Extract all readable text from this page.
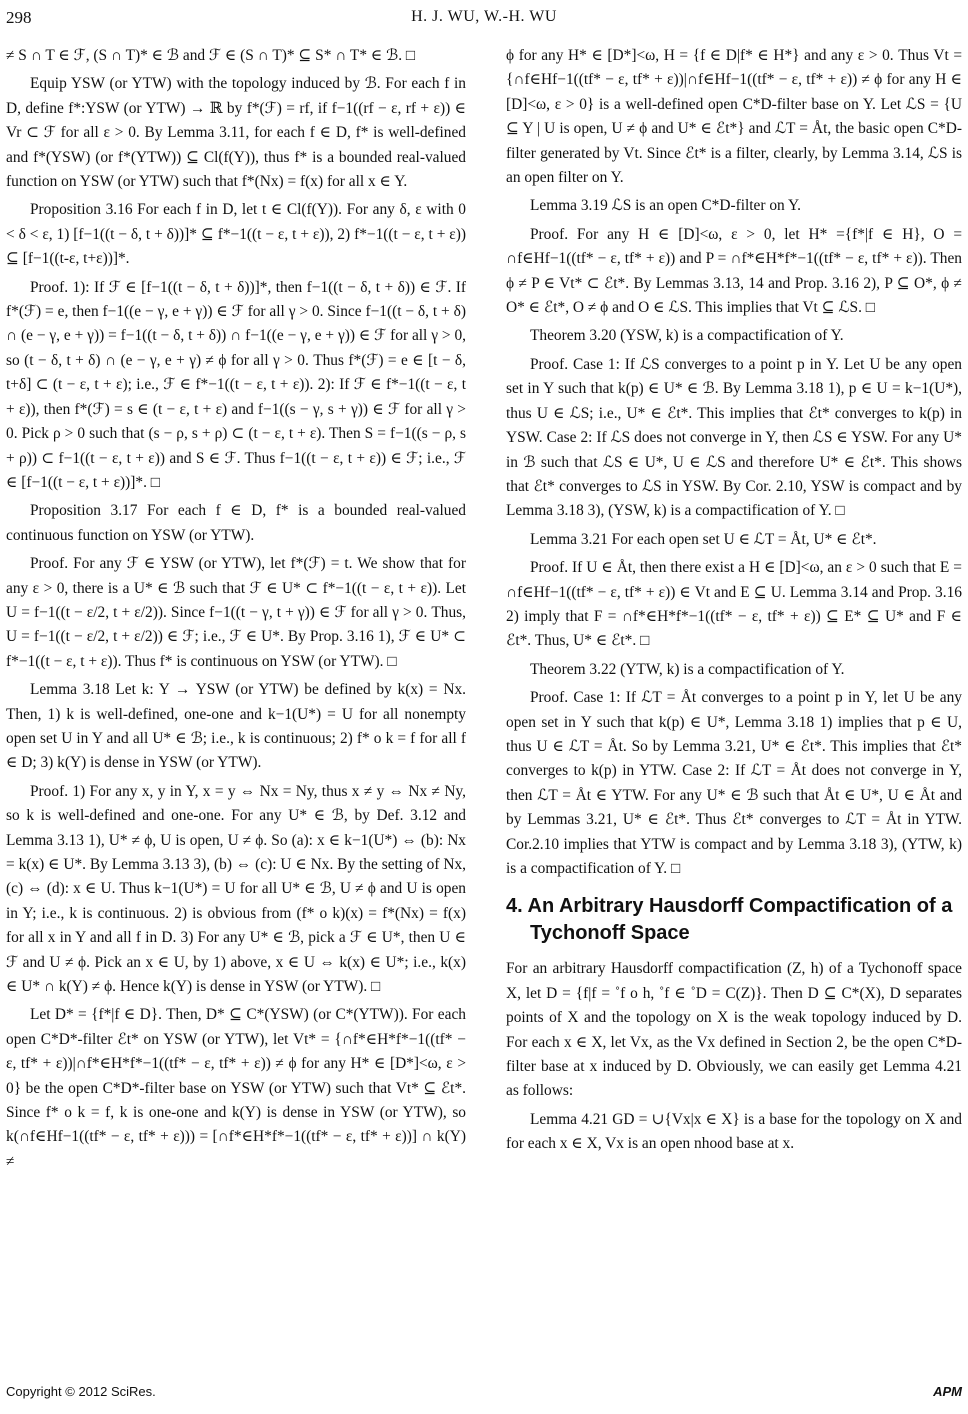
298	H. J. WU, W.-H. WU

≠ S ∩ T ∈ ℱ, (S ∩ T)* ∈ ℬ and ℱ ∈ (S ∩ T)* ⊆ S* ∩ T* ∈ ℬ. □

Equip YSW (or YTW) with the topology induced by ℬ. For each f in D, define f*:YSW (or YTW) → ℝ by f*(ℱ) = rf, if f−1((rf − ε, rf + ε)) ∈ Vr ⊂ ℱ for all ε > 0. By Lemma 3.11, for each f ∈ D, f* is well-defined and f*(YSW) (or f*(YTW)) ⊆ Cl(f(Y)), thus f* is a bounded real-valued function on YSW (or YTW) such that f*(Nx) = f(x) for all x ∈ Y.

Proposition 3.16 For each f in D, let t ∈ Cl(f(Y)). For any δ, ε with 0 < δ < ε, 1) [f−1((t − δ, t + δ))]* ⊆ f*−1((t − ε, t + ε)), 2) f*−1((t − ε, t + ε)) ⊆ [f−1((t-ε, t+ε))]*.

Proof. 1): If ℱ ∈ [f−1((t − δ, t + δ))]*, then f−1((t − δ, t + δ)) ∈ ℱ. If f*(ℱ) = e, then f−1((e − γ, e + γ)) ∈ ℱ for all γ > 0. Since f−1((t − δ, t + δ) ∩ (e − γ, e + γ)) = f−1((t − δ, t + δ)) ∩ f−1((e − γ, e + γ)) ∈ ℱ for all γ > 0, so (t − δ, t + δ) ∩ (e − γ, e + γ) ≠ ϕ for all γ > 0. Thus f*(ℱ) = e ∈ [t − δ, t+δ] ⊂ (t − ε, t + ε); i.e., ℱ ∈ f*−1((t − ε, t + ε)). 2): If ℱ ∈ f*−1((t − ε, t + ε)), then f*(ℱ) = s ∈ (t − ε, t + ε) and f−1((s − γ, s + γ)) ∈ ℱ for all γ > 0. Pick ρ > 0 such that (s − ρ, s + ρ) ⊂ (t − ε, t + ε). Then S = f−1((s − ρ, s + ρ)) ⊂ f−1((t − ε, t + ε)) and S ∈ ℱ. Thus f−1((t − ε, t + ε)) ∈ ℱ; i.e., ℱ ∈ [f−1((t − ε, t + ε))]*. □

Proposition 3.17 For each f ∈ D, f* is a bounded real-valued continuous function on YSW (or YTW).

Proof. For any ℱ ∈ YSW (or YTW), let f*(ℱ) = t. We show that for any ε > 0, there is a U* ∈ ℬ such that ℱ ∈ U* ⊂ f*−1((t − ε, t + ε)). Let U = f−1((t − ε/2, t + ε/2)). Since f−1((t − γ, t + γ)) ∈ ℱ for all γ > 0. Thus, U = f−1((t − ε/2, t + ε/2)) ∈ ℱ; i.e., ℱ ∈ U*. By Prop. 3.16 1), ℱ ∈ U* ⊂ f*−1((t − ε, t + ε)). Thus f* is continuous on YSW (or YTW). □

Lemma 3.18 Let k: Y → YSW (or YTW) be defined by k(x) = Nx. Then, 1) k is well-defined, one-one and k−1(U*) = U for all nonempty open set U in Y and all U* ∈ ℬ; i.e., k is continuous; 2) f* o k = f for all f ∈ D; 3) k(Y) is dense in YSW (or YTW).

Proof. 1) For any x, y in Y, x = y ⇔ Nx = Ny, thus x ≠ y ⇔ Nx ≠ Ny, so k is well-defined and one-one. For any U* ∈ ℬ, by Def. 3.12 and Lemma 3.13 1), U* ≠ ϕ, U is open, U ≠ ϕ. So (a): x ∈ k−1(U*) ⇔ (b): Nx = k(x) ∈ U*. By Lemma 3.13 3), (b) ⇔ (c): U ∈ Nx. By the setting of Nx, (c) ⇔ (d): x ∈ U. Thus k−1(U*) = U for all U* ∈ ℬ, U ≠ ϕ and U is open in Y; i.e., k is continuous. 2) is obvious from (f* o k)(x) = f*(Nx) = f(x) for all x in Y and all f in D. 3) For any U* ∈ ℬ, pick a ℱ ∈ U*, then U ∈ ℱ and U ≠ ϕ. Pick an x ∈ U, by 1) above, x ∈ U ⇔ k(x) ∈ U*; i.e., k(x) ∈ U* ∩ k(Y) ≠ ϕ. Hence k(Y) is dense in YSW (or YTW). □

Let D* = {f*|f ∈ D}. Then, D* ⊆ C*(YSW) (or C*(YTW)). For each open C*D*-filter ℰt* on YSW (or YTW), let Vt* = {∩f*∈H*f*−1((tf* − ε, tf* + ε))|∩f*∈H*f*−1((tf* − ε, tf* + ε)) ≠ ϕ for any H* ∈ [D*]<ω, ε > 0} be the open C*D*-filter base on YSW (or YTW) such that Vt* ⊆ ℰt*. Since f* o k = f, k is one-one and k(Y) is dense in YSW (or YTW), so k(∩f∈Hf−1((tf* − ε, tf* + ε))) = [∩f*∈H*f*−1((tf* − ε, tf* + ε))] ∩ k(Y) ≠

ϕ for any H* ∈ [D*]<ω, H = {f ∈ D|f* ∈ H*} and any ε > 0. Thus Vt = {∩f∈Hf−1((tf* − ε, tf* + ε))|∩f∈Hf−1((tf* − ε, tf* + ε)) ≠ ϕ for any H ∈ [D]<ω, ε > 0} is a well-defined open C*D-filter base on Y. Let ℒS = {U ⊆ Y | U is open, U ≠ ϕ and U* ∈ ℰt*} and ℒT = Åt, the basic open C*D-filter generated by Vt. Since ℰt* is a filter, clearly, by Lemma 3.14, ℒS is an open filter on Y.

Lemma 3.19 ℒS is an open C*D-filter on Y.

Proof. For any H ∈ [D]<ω, ε > 0, let H* ={f*|f ∈ H}, O = ∩f∈Hf−1((tf* − ε, tf* + ε)) and P = ∩f*∈H*f*−1((tf* − ε, tf* + ε)). Then ϕ ≠ P ∈ Vt* ⊂ ℰt*. By Lemmas 3.13, 14 and Prop. 3.16 2), P ⊆ O*, ϕ ≠ O* ∈ ℰt*, O ≠ ϕ and O ∈ ℒS. This implies that Vt ⊆ ℒS. □

Theorem 3.20 (YSW, k) is a compactification of Y.

Proof. Case 1: If ℒS converges to a point p in Y. Let U be any open set in Y such that k(p) ∈ U* ∈ ℬ. By Lemma 3.18 1), p ∈ U = k−1(U*), thus U ∈ ℒS; i.e., U* ∈ ℰt*. This implies that ℰt* converges to k(p) in YSW. Case 2: If ℒS does not converge in Y, then ℒS ∈ YSW. For any U* in ℬ such that ℒS ∈ U*, U ∈ ℒS and therefore U* ∈ ℰt*. This shows that ℰt* converges to ℒS in YSW. By Cor. 2.10, YSW is compact and by Lemma 3.18 3), (YSW, k) is a compactification of Y. □

Lemma 3.21 For each open set U ∈ ℒT = Åt, U* ∈ ℰt*.

Proof. If U ∈ Åt, then there exist a H ∈ [D]<ω, an ε > 0 such that E = ∩f∈Hf−1((tf* − ε, tf* + ε)) ∈ Vt and E ⊆ U. Lemma 3.14 and Prop. 3.16 2) imply that F = ∩f*∈H*f*−1((tf* − ε, tf* + ε)) ⊆ E* ⊆ U* and F ∈ ℰt*. Thus, U* ∈ ℰt*. □

Theorem 3.22 (YTW, k) is a compactification of Y.

Proof. Case 1: If ℒT = Åt converges to a point p in Y, let U be any open set in Y such that k(p) ∈ U*, Lemma 3.18 1) implies that p ∈ U, thus U ∈ ℒT = Åt. So by Lemma 3.21, U* ∈ ℰt*. This implies that ℰt* converges to k(p) in YTW. Case 2: If ℒT = Åt does not converge in Y, then ℒT = Åt ∈ YTW. For any U* ∈ ℬ such that Åt ∈ U*, U ∈ Åt and by Lemmas 3.21, U* ∈ ℰt*. Thus ℰt* converges to ℒT = Åt in YTW. Cor.2.10 implies that YTW is compact and by Lemma 3.18 3), (YTW, k) is a compactification of Y. □

4. An Arbitrary Hausdorff Compactification of a Tychonoff Space

For an arbitrary Hausdorff compactification (Z, h) of a Tychonoff space X, let D = {f|f = ˚f o h, ˚f ∈ ˚D = C(Z)}. Then D ⊆ C*(X), D separates points of X and the topology on X is the weak topology induced by D. For each x ∈ X, let Vx, as the Vx defined in Section 2, be the open C*D-filter base at x induced by D. Obviously, we can easily get Lemma 4.21 as follows:

Lemma 4.21 GD = ∪{Vx|x ∈ X} is a base for the topology on X and for each x ∈ X, Vx is an open nhood base at x.

Copyright © 2012 SciRes.	APM
